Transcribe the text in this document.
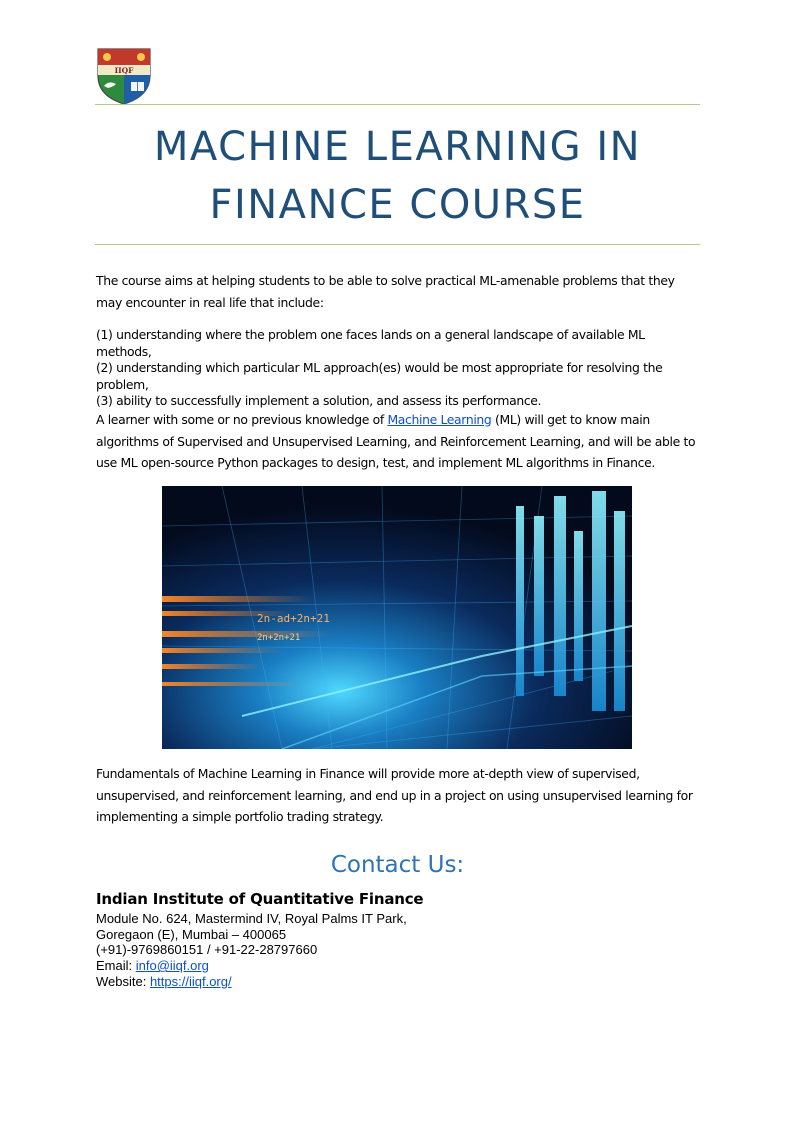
IIQF
MACHINE LEARNING IN
FINANCE COURSE

The course aims at helping students to be able to solve practical ML-amenable problems that they may encounter in real life that include:

(1) understanding where the problem one faces lands on a general landscape of available ML methods,
(2) understanding which particular ML approach(es) would be most appropriate for resolving the problem,
(3) ability to successfully implement a solution, and assess its performance.

A learner with some or no previous knowledge of Machine Learning (ML) will get to know main algorithms of Supervised and Unsupervised Learning, and Reinforcement Learning, and will be able to use ML open-source Python packages to design, test, and implement ML algorithms in Finance.

2n-ad+2n+21
2n+2n+21

Fundamentals of Machine Learning in Finance will provide more at-depth view of supervised, unsupervised, and reinforcement learning, and end up in a project on using unsupervised learning for implementing a simple portfolio trading strategy.

Contact Us:
Indian Institute of Quantitative Finance
Module No. 624, Mastermind IV, Royal Palms IT Park,
Goregaon (E), Mumbai – 400065
(+91)-9769860151 / +91-22-28797660
Email: info@iiqf.org
Website: https://iiqf.org/
